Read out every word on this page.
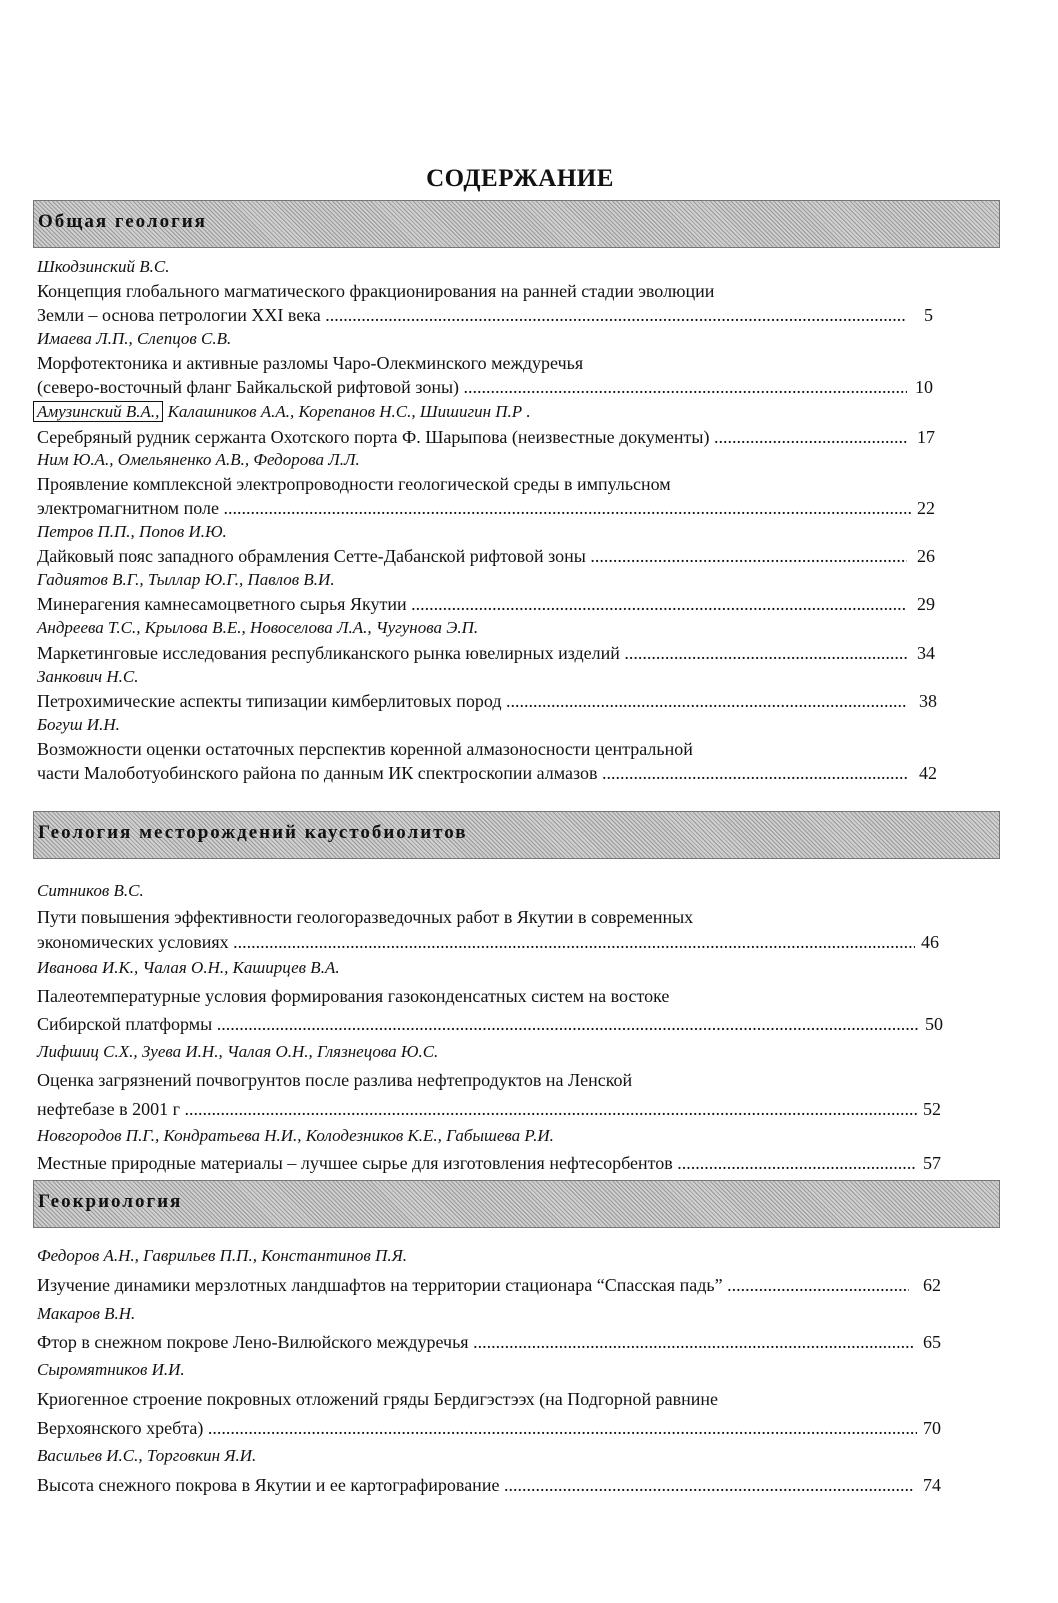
СОДЕРЖАНИЕ
Общая геология
Шкодзинский В.С.
Концепция глобального магматического фракционирования на ранней стадии эволюции
Земли – основа петрологии XXI века .....	5
Имаева Л.П., Слепцов С.В.
Морфотектоника и активные разломы Чаро-Олекминского междуречья
(северо-восточный фланг Байкальской рифтовой зоны) .....	10
Амузинский В.А., Калашников А.А., Корепанов Н.С., Шишигин П.Р .
Серебряный рудник сержанта Охотского порта Ф. Шарыпова (неизвестные документы) .....	17
Ним Ю.А., Омельяненко А.В., Федорова Л.Л.
Проявление комплексной электропроводности геологической среды в импульсном
электромагнитном поле .....	22
Петров П.П., Попов И.Ю.
Дайковый пояс западного обрамления Сетте-Дабанской рифтовой зоны .....	26
Гадиятов В.Г., Тыллар Ю.Г., Павлов В.И.
Минерагения камнесамоцветного сырья Якутии .....	29
Андреева Т.С., Крылова В.Е., Новоселова Л.А., Чугунова Э.П.
Маркетинговые исследования республиканского рынка ювелирных изделий .....	34
Занкович Н.С.
Петрохимические аспекты типизации кимберлитовых пород .....	38
Богуш И.Н.
Возможности оценки остаточных перспектив коренной алмазоносности центральной
части Малоботуобинского района по данным ИК спектроскопии алмазов .....	42
Геология месторождений каустобиолитов
Ситников В.С.
Пути повышения эффективности геологоразведочных работ в Якутии в современных
экономических условиях .....	46
Иванова И.К., Чалая О.Н., Каширцев В.А.
Палеотемпературные условия формирования газоконденсатных систем на востоке
Сибирской платформы .....	50
Лифшиц С.Х., Зуева И.Н., Чалая О.Н., Глязнецова Ю.С.
Оценка загрязнений почвогрунтов после разлива нефтепродуктов на Ленской
нефтебазе в 2001 г .....	52
Новгородов П.Г., Кондратьева Н.И., Колодезников К.Е., Габышева Р.И.
Местные природные материалы – лучшее сырье для изготовления нефтесорбентов .....	57
Геокриология
Федоров А.Н., Гаврильев П.П., Константинов П.Я.
Изучение динамики мерзлотных ландшафтов на территории стационара “Спасская падь” .....	62
Макаров В.Н.
Фтор в снежном покрове Лено-Вилюйского междуречья .....	65
Сыромятников И.И.
Криогенное строение покровных отложений гряды Бердигэстээх (на Подгорной равнине
Верхоянского хребта) .....	70
Васильев И.С., Торговкин Я.И.
Высота снежного покрова в Якутии и ее картографирование .....	74
